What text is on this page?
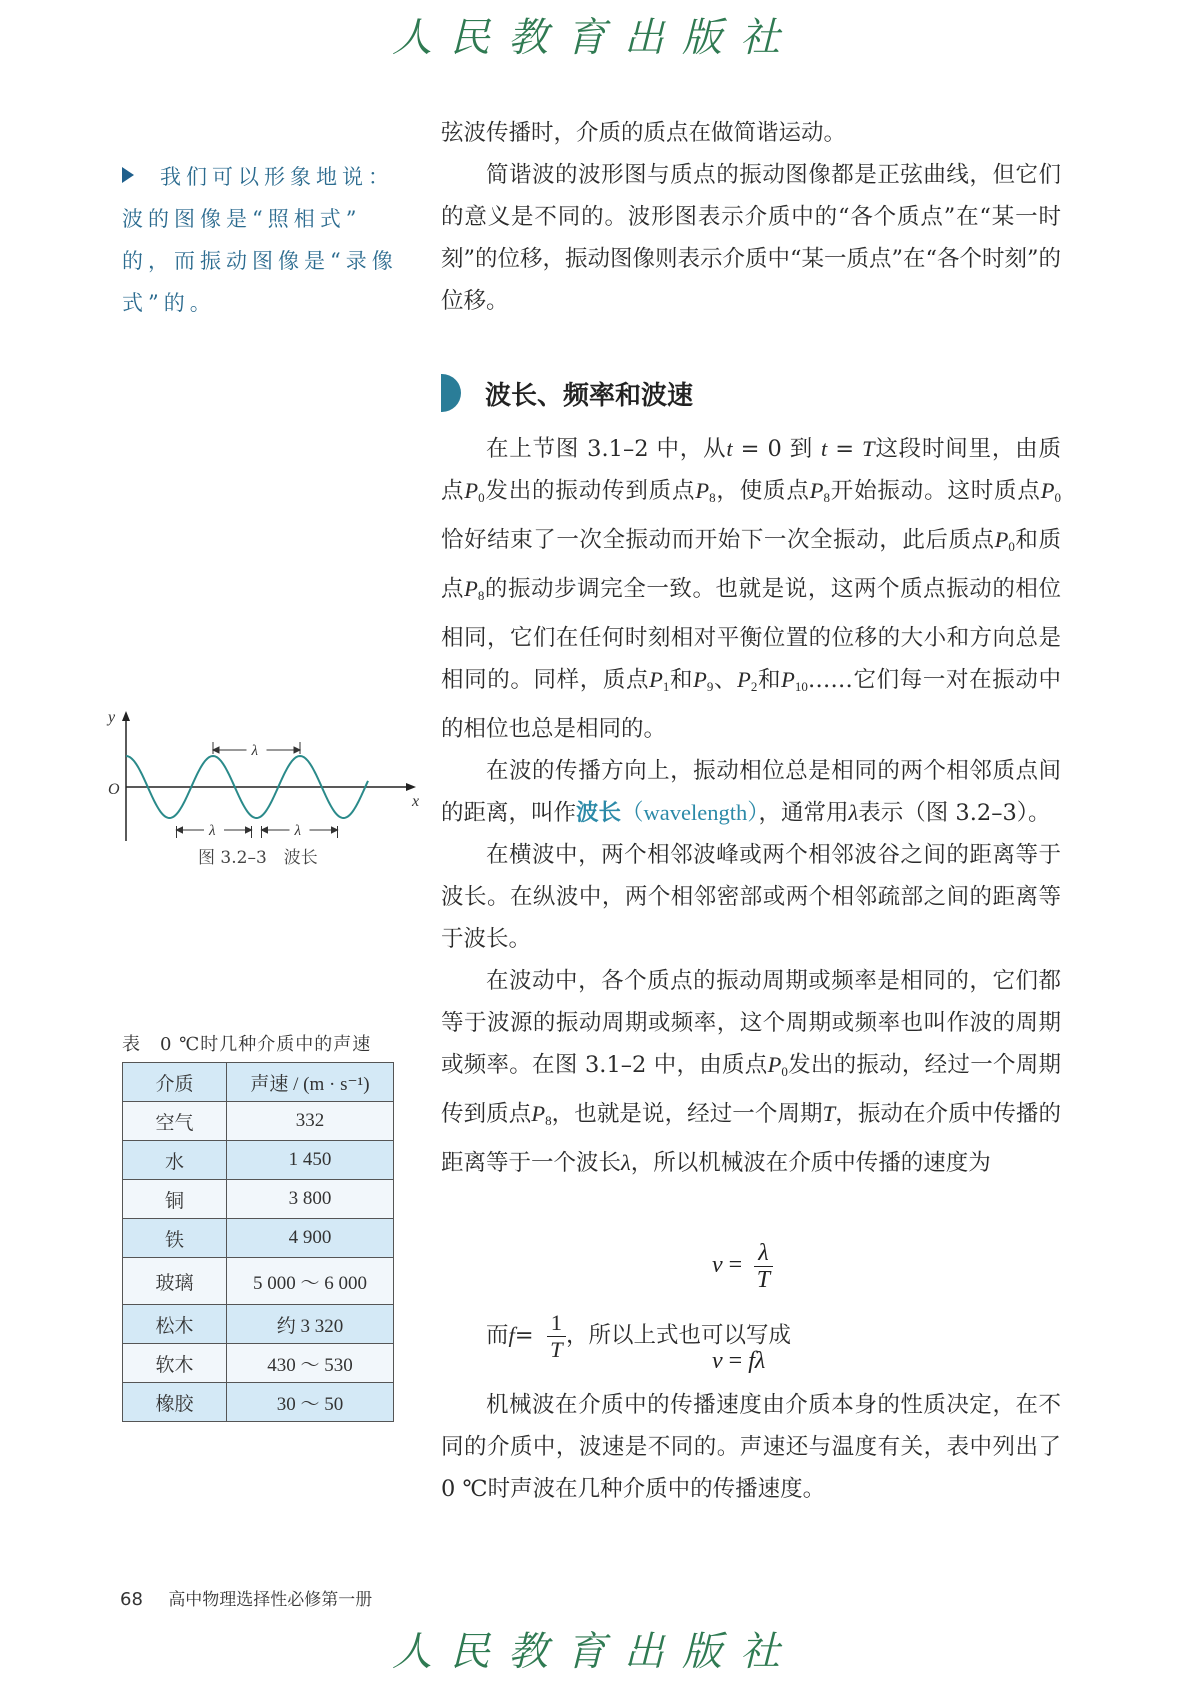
人民教育出版社
我们可以形象地说：
波的图像是“照相式”
的，而振动图像是“录像
式”的。

弦波传播时，介质的质点在做简谐运动。

简谐波的波形图与质点的振动图像都是正弦曲线，但它们的意义是不同的。波形图表示介质中的“各个质点”在“某一时刻”的位移，振动图像则表示介质中“某一质点”在“各个时刻”的位移。

波长、频率和波速

在上节图 3.1–2 中，从t = 0 到 t = T这段时间里，由质点$P_0$发出的振动传到质点$P_8$，使质点$P_8$开始振动。这时质点$P_0$恰好结束了一次全振动而开始下一次全振动，此后质点$P_0$和质点$P_8$的振动步调完全一致。也就是说，这两个质点振动的相位相同，它们在任何时刻相对平衡位置的位移的大小和方向总是相同的。同样，质点$P_1$和$P_9$、$P_2$和$P_{10}\dots\dots$它们每一对在振动中的相位也总是相同的。

在波的传播方向上，振动相位总是相同的两个相邻质点间的距离，叫作波长（wavelength），通常用λ表示（图 3.2–3）。

在横波中，两个相邻波峰或两个相邻波谷之间的距离等于波长。在纵波中，两个相邻密部或两个相邻疏部之间的距离等于波长。

在波动中，各个质点的振动周期或频率是相同的，它们都等于波源的振动周期或频率，这个周期或频率也叫作波的周期或频率。在图 3.1–2 中，由质点$P_0$发出的振动，经过一个周期传到质点$P_8$，也就是说，经过一个周期T，振动在介质中传播的距离等于一个波长λ，所以机械波在介质中传播的速度为

$v = \frac{\lambda}{T}$
而$f= \frac{1}{T}$ ，所以上式也可以写成
v = fλ

机械波在介质中的传播速度由介质本身的性质决定，在不同的介质中，波速是不同的。声速还与温度有关，表中列出了 0 ℃时声波在几种介质中的传播速度。

y
x
O
λ
λ	λ
图 3.2–3　波长
表　0 ℃时几种介质中的声速
介质	声速 / (m · s⁻¹)
空气	332
水	1 450
铜	3 800
铁	4 900
玻璃	5 000 ～ 6 000
松木	约 3 320
软木	430 ～ 530
橡胶	30 ～ 50
68 高中物理选择性必修第一册
人民教育出版社
